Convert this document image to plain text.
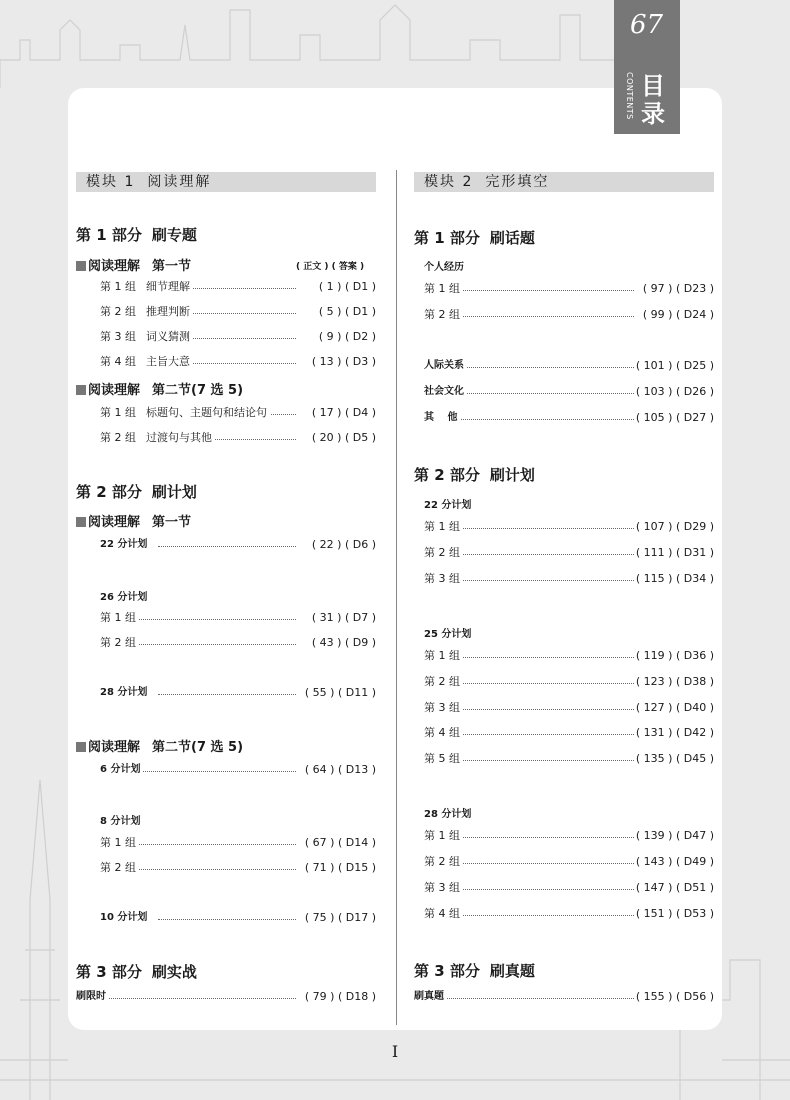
67
CONTENTS 目录
模块 1 阅读理解
第 1 部分 刷专题
阅读理解 第一节	( 正文 ) ( 答案 )
第 1 组 细节理解	( 1 ) ( D1 )
第 2 组 推理判断	( 5 ) ( D1 )
第 3 组 词义猜测	( 9 ) ( D2 )
第 4 组 主旨大意	( 13 ) ( D3 )
阅读理解 第二节(7 选 5)
第 1 组 标题句、主题句和结论句	( 17 ) ( D4 )
第 2 组 过渡句与其他	( 20 ) ( D5 )
第 2 部分 刷计划
阅读理解 第一节
22 分计划	( 22 ) ( D6 )
26 分计划
第 1 组	( 31 ) ( D7 )
第 2 组	( 43 ) ( D9 )
28 分计划	( 55 ) ( D11 )
阅读理解 第二节(7 选 5)
6 分计划	( 64 ) ( D13 )
8 分计划
第 1 组	( 67 ) ( D14 )
第 2 组	( 71 ) ( D15 )
10 分计划	( 75 ) ( D17 )
第 3 部分 刷实战
刷限时	( 79 ) ( D18 )
模块 2 完形填空
第 1 部分 刷话题
个人经历
第 1 组	( 97 ) ( D23 )
第 2 组	( 99 ) ( D24 )
人际关系	( 101 ) ( D25 )
社会文化	( 103 ) ( D26 )
其　 他	( 105 ) ( D27 )
第 2 部分 刷计划
22 分计划
第 1 组	( 107 ) ( D29 )
第 2 组	( 111 ) ( D31 )
第 3 组	( 115 ) ( D34 )
25 分计划
第 1 组	( 119 ) ( D36 )
第 2 组	( 123 ) ( D38 )
第 3 组	( 127 ) ( D40 )
第 4 组	( 131 ) ( D42 )
第 5 组	( 135 ) ( D45 )
28 分计划
第 1 组	( 139 ) ( D47 )
第 2 组	( 143 ) ( D49 )
第 3 组	( 147 ) ( D51 )
第 4 组	( 151 ) ( D53 )
第 3 部分 刷真题
刷真题	( 155 ) ( D56 )
I
